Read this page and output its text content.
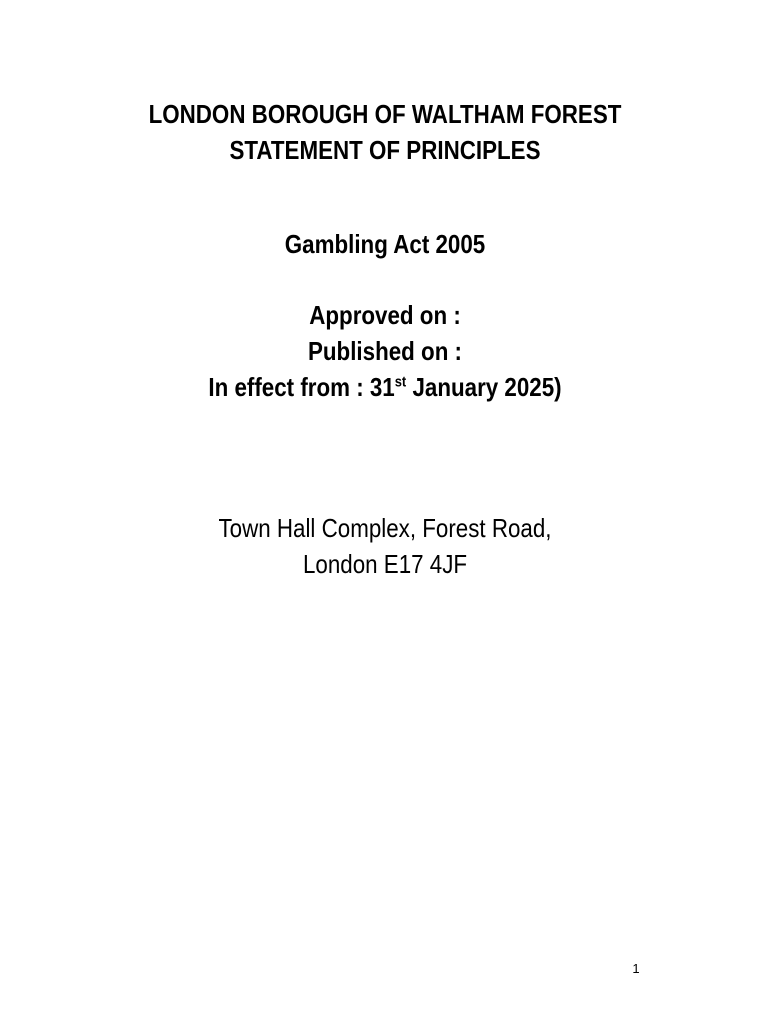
LONDON BOROUGH OF WALTHAM FOREST
STATEMENT OF PRINCIPLES
Gambling Act 2005
Approved on :
Published on :
In effect from : 31st January 2025)
Town Hall Complex, Forest Road,
London E17 4JF
1
